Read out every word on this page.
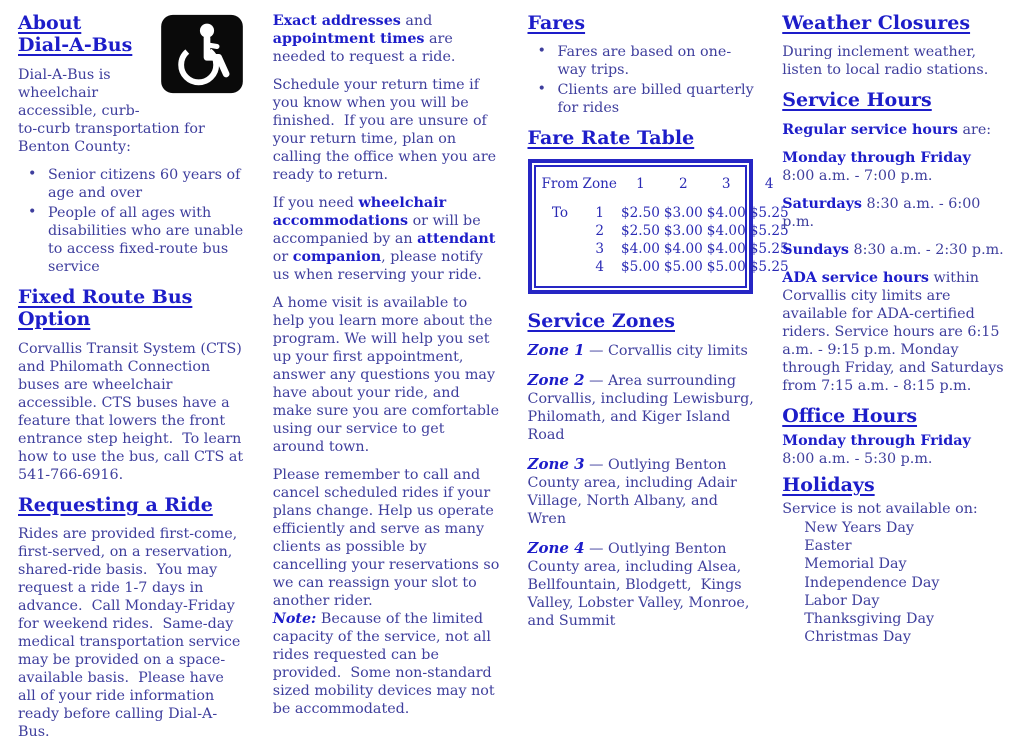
About
Dial-A-Bus

Dial-A-Bus is wheelchair accessible, curb-to-curb transportation for Benton County:

• Senior citizens 60 years of age and over
• People of all ages with disabilities who are unable to access fixed-route bus service
Fixed Route Bus Option

Corvallis Transit System (CTS) and Philomath Connection buses are wheelchair accessible. CTS buses have a feature that lowers the front entrance step height.  To learn how to use the bus, call CTS at 541-766-6916.

Requesting a Ride

Rides are provided first-come, first-served, on a reservation, shared-ride basis.  You may request a ride 1-7 days in advance.  Call Monday-Friday for weekend rides.  Same-day medical transportation service may be provided on a space-available basis.  Please have all of your ride information ready before calling Dial-A-Bus.

Exact addresses and appointment times are needed to request a ride.

Schedule your return time if you know when you will be finished.  If you are unsure of your return time, plan on    calling the office when you are ready to return.

If you need wheelchair accommodations or will be accompanied by an attendant or companion, please notify us when reserving your ride.

A home visit is available to help you learn more about the program. We will help you set up your first appointment, answer any questions you may have about your ride, and make sure you are comfortable using our service to get around town.

Please remember to call and cancel scheduled rides if your plans change. Help us operate efficiently and serve as many clients as possible by cancelling your reservations so we can reassign your slot to another rider.

Note: Because of the limited capacity of the service, not all rides requested can be provided.  Some non-standard sized mobility devices may not be accommodated.

Fares
• Fares are based on one-way trips.
• Clients are billed quarterly for rides
Fare Rate Table
From	Zone	1	2	3	4
To	1	$2.50	$3.00	$4.00	$5.25
	2	$2.50	$3.00	$4.00	$5.25
	3	$4.00	$4.00	$4.00	$5.25
	4	$5.00	$5.00	$5.00	$5.25
Service Zones

Zone 1 — Corvallis city limits

Zone 2 — Area surrounding Corvallis, including Lewisburg, Philomath, and Kiger Island Road

Zone 3 — Outlying Benton County area, including Adair Village, North Albany, and Wren

Zone 4 — Outlying Benton County area, including Alsea, Bellfountain, Blodgett,  Kings Valley, Lobster Valley, Monroe, and Summit

Weather Closures

During inclement weather, listen to local radio stations.

Service Hours

Regular service hours are:

Monday through Friday
8:00 a.m. - 7:00 p.m.

Saturdays 8:30 a.m. - 6:00 p.m.

Sundays 8:30 a.m. - 2:30 p.m.

ADA service hours within Corvallis city limits are available for ADA-certified  riders. Service hours are 6:15 a.m. - 9:15 p.m. Monday through Friday, and Saturdays from 7:15 a.m. - 8:15 p.m.

Office Hours

Monday through Friday
8:00 a.m. - 5:30 p.m.

Holidays

Service is not available on:

New Years Day
Easter
Memorial Day
Independence Day
Labor Day
Thanksgiving Day
Christmas Day
